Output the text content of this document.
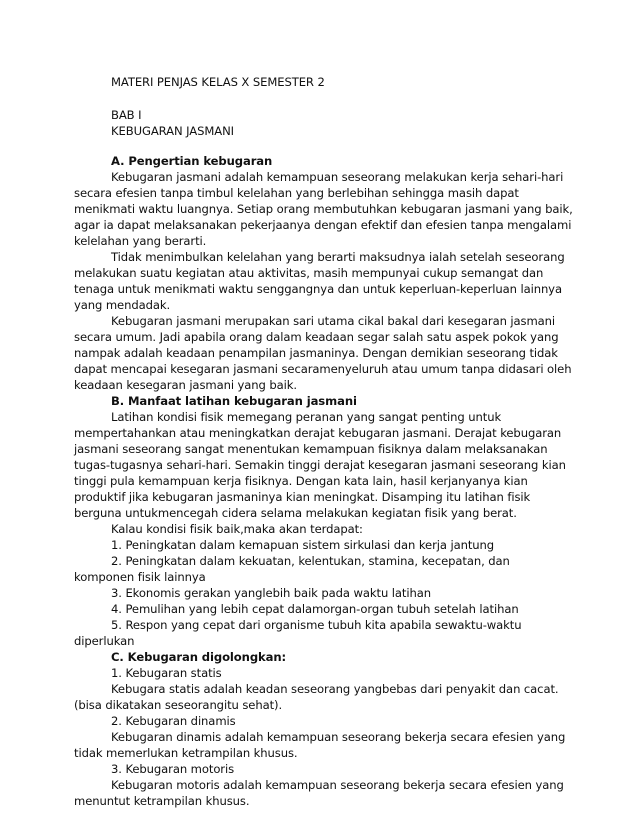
MATERI PENJAS KELAS X SEMESTER 2
BAB I
KEBUGARAN JASMANI
A. Pengertian kebugaran
Kebugaran jasmani adalah kemampuan seseorang melakukan kerja sehari-hari
secara efesien tanpa timbul kelelahan yang berlebihan sehingga masih dapat
menikmati waktu luangnya. Setiap orang membutuhkan kebugaran jasmani yang baik,
agar ia dapat melaksanakan pekerjaanya dengan efektif dan efesien tanpa mengalami
kelelahan yang berarti.
Tidak menimbulkan kelelahan yang berarti maksudnya ialah setelah seseorang
melakukan suatu kegiatan atau aktivitas, masih mempunyai cukup semangat dan
tenaga untuk menikmati waktu senggangnya dan untuk keperluan-keperluan lainnya
yang mendadak.
Kebugaran jasmani merupakan sari utama cikal bakal dari kesegaran jasmani
secara umum. Jadi apabila orang dalam keadaan segar salah satu aspek pokok yang
nampak adalah keadaan penampilan jasmaninya. Dengan demikian seseorang tidak
dapat mencapai kesegaran jasmani secaramenyeluruh atau umum tanpa didasari oleh
keadaan kesegaran jasmani yang baik.
B. Manfaat latihan kebugaran jasmani
Latihan kondisi fisik memegang peranan yang sangat penting untuk
mempertahankan atau meningkatkan derajat kebugaran jasmani. Derajat kebugaran
jasmani seseorang sangat menentukan kemampuan fisiknya dalam melaksanakan
tugas-tugasnya sehari-hari. Semakin tinggi derajat kesegaran jasmani seseorang kian
tinggi pula kemampuan kerja fisiknya. Dengan kata lain, hasil kerjanyanya kian
produktif jika kebugaran jasmaninya kian meningkat. Disamping itu latihan fisik
berguna untukmencegah cidera selama melakukan kegiatan fisik yang berat.
Kalau kondisi fisik baik,maka akan terdapat:
1. Peningkatan dalam kemapuan sistem sirkulasi dan kerja jantung
2. Peningkatan dalam kekuatan, kelentukan, stamina, kecepatan, dan
komponen fisik lainnya
3. Ekonomis gerakan yanglebih baik pada waktu latihan
4. Pemulihan yang lebih cepat dalamorgan-organ tubuh setelah latihan
5. Respon yang cepat dari organisme tubuh kita apabila sewaktu-waktu
diperlukan
C. Kebugaran digolongkan:
1. Kebugaran statis
Kebugara statis adalah keadan seseorang yangbebas dari penyakit dan cacat.
(bisa dikatakan seseorangitu sehat).
2. Kebugaran dinamis
Kebugaran dinamis adalah kemampuan seseorang bekerja secara efesien yang
tidak memerlukan ketrampilan khusus.
3. Kebugaran motoris
Kebugaran motoris adalah kemampuan seseorang bekerja secara efesien yang
menuntut ketrampilan khusus.
